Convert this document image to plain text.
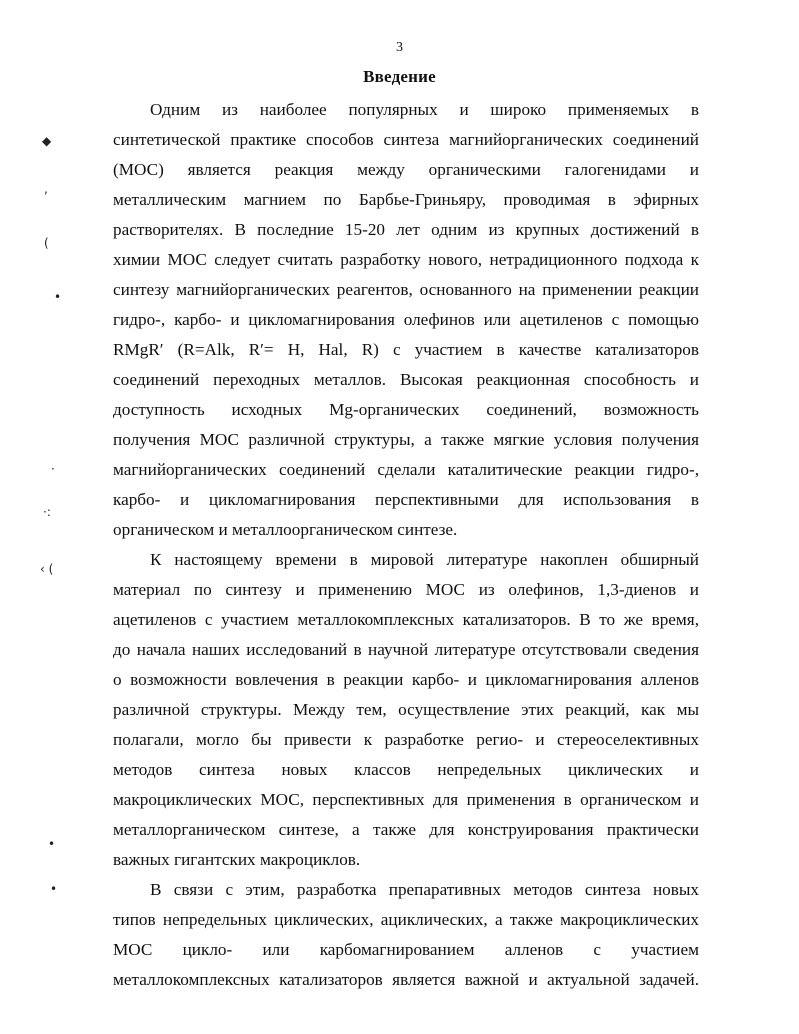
3
Введение
Одним из наиболее популярных и широко применяемых в
синтетической практике способов синтеза магнийорганических соединений
(МОС) является реакция между органическими галогенидами и
металлическим магнием по Барбье-Гриньяру, проводимая в эфирных
растворителях. В последние 15-20 лет одним из крупных достижений в
химии МОС следует считать разработку нового, нетрадиционного подхода к
синтезу магнийорганических реагентов, основанного на применении реакции
гидро-, карбо- и цикломагнирования олефинов или ацетиленов с помощью
RMgR′ (R=Alk, R′= H, Hal, R) с участием в качестве катализаторов
соединений переходных металлов. Высокая реакционная способность и
доступность исходных Mg-органических соединений, возможность
получения МОС различной структуры, а также мягкие условия получения
магнийорганических соединений сделали каталитические реакции гидро-,
карбо- и цикломагнирования перспективными для использования в
органическом и металлоорганическом синтезе.
К настоящему времени в мировой литературе накоплен обширный
материал по синтезу и применению МОС из олефинов, 1,3-диенов и
ацетиленов с участием металлокомплексных катализаторов. В то же время,
до начала наших исследований в научной литературе отсутствовали сведения
о возможности вовлечения в реакции карбо- и цикломагнирования алленов
различной структуры. Между тем, осуществление этих реакций, как мы
полагали, могло бы привести к разработке регио- и стереоселективных
методов синтеза новых классов непредельных циклических и
макроциклических МОС, перспективных для применения в органическом и
металлорганическом синтезе, а также для конструирования практически
важных гигантских макроциклов.
В связи с этим, разработка препаративных методов синтеза новых
типов непредельных циклических, ациклических, а также макроциклических
МОС цикло- или карбомагнированием алленов с участием
металлокомплексных катализаторов является важной и актуальной задачей.
◆
,
(
•
·
·:
‹ (
•
•
